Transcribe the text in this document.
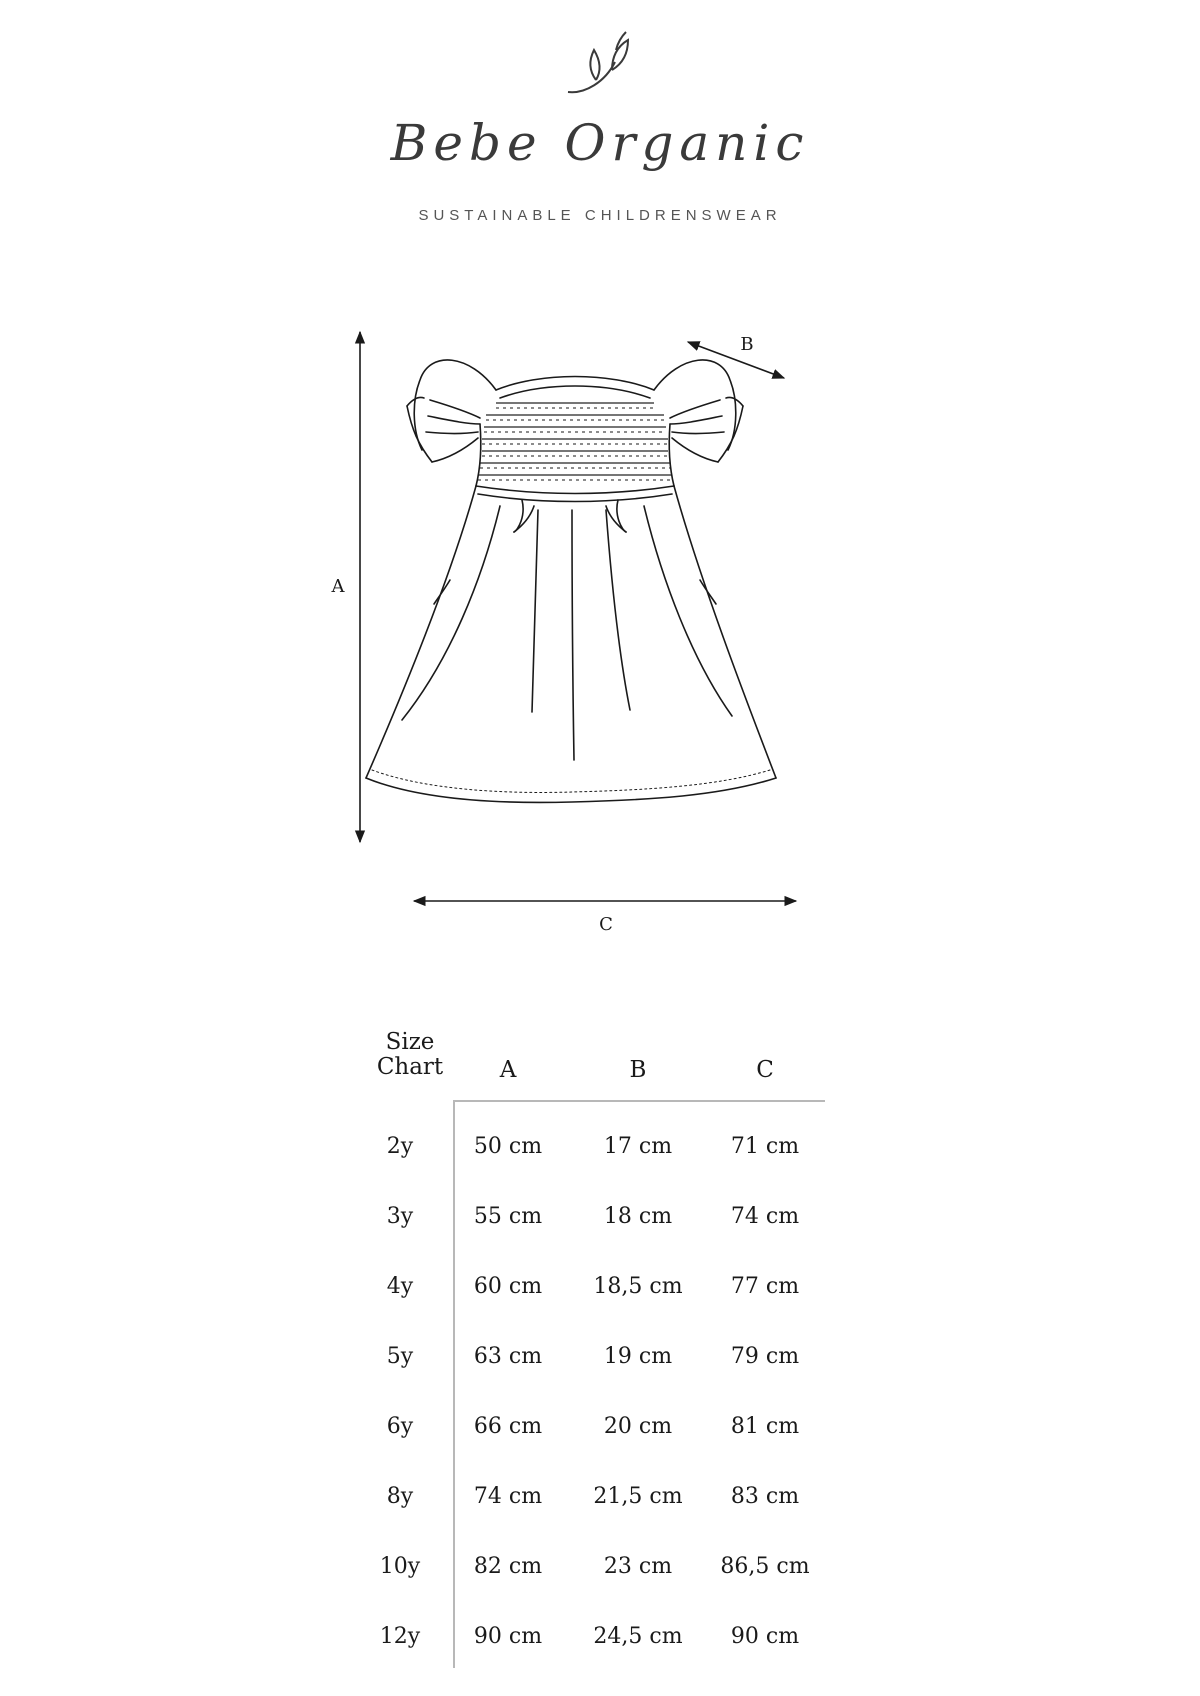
Bebe Organic
SUSTAINABLE CHILDRENSWEAR
A
B
C
Size
Chart	A	B	C
2y	50 cm	17 cm	71 cm
3y	55 cm	18 cm	74 cm
4y	60 cm	18,5 cm	77 cm
5y	63 cm	19 cm	79 cm
6y	66 cm	20 cm	81 cm
8y	74 cm	21,5 cm	83 cm
10y	82 cm	23 cm	86,5 cm
12y	90 cm	24,5 cm	90 cm
